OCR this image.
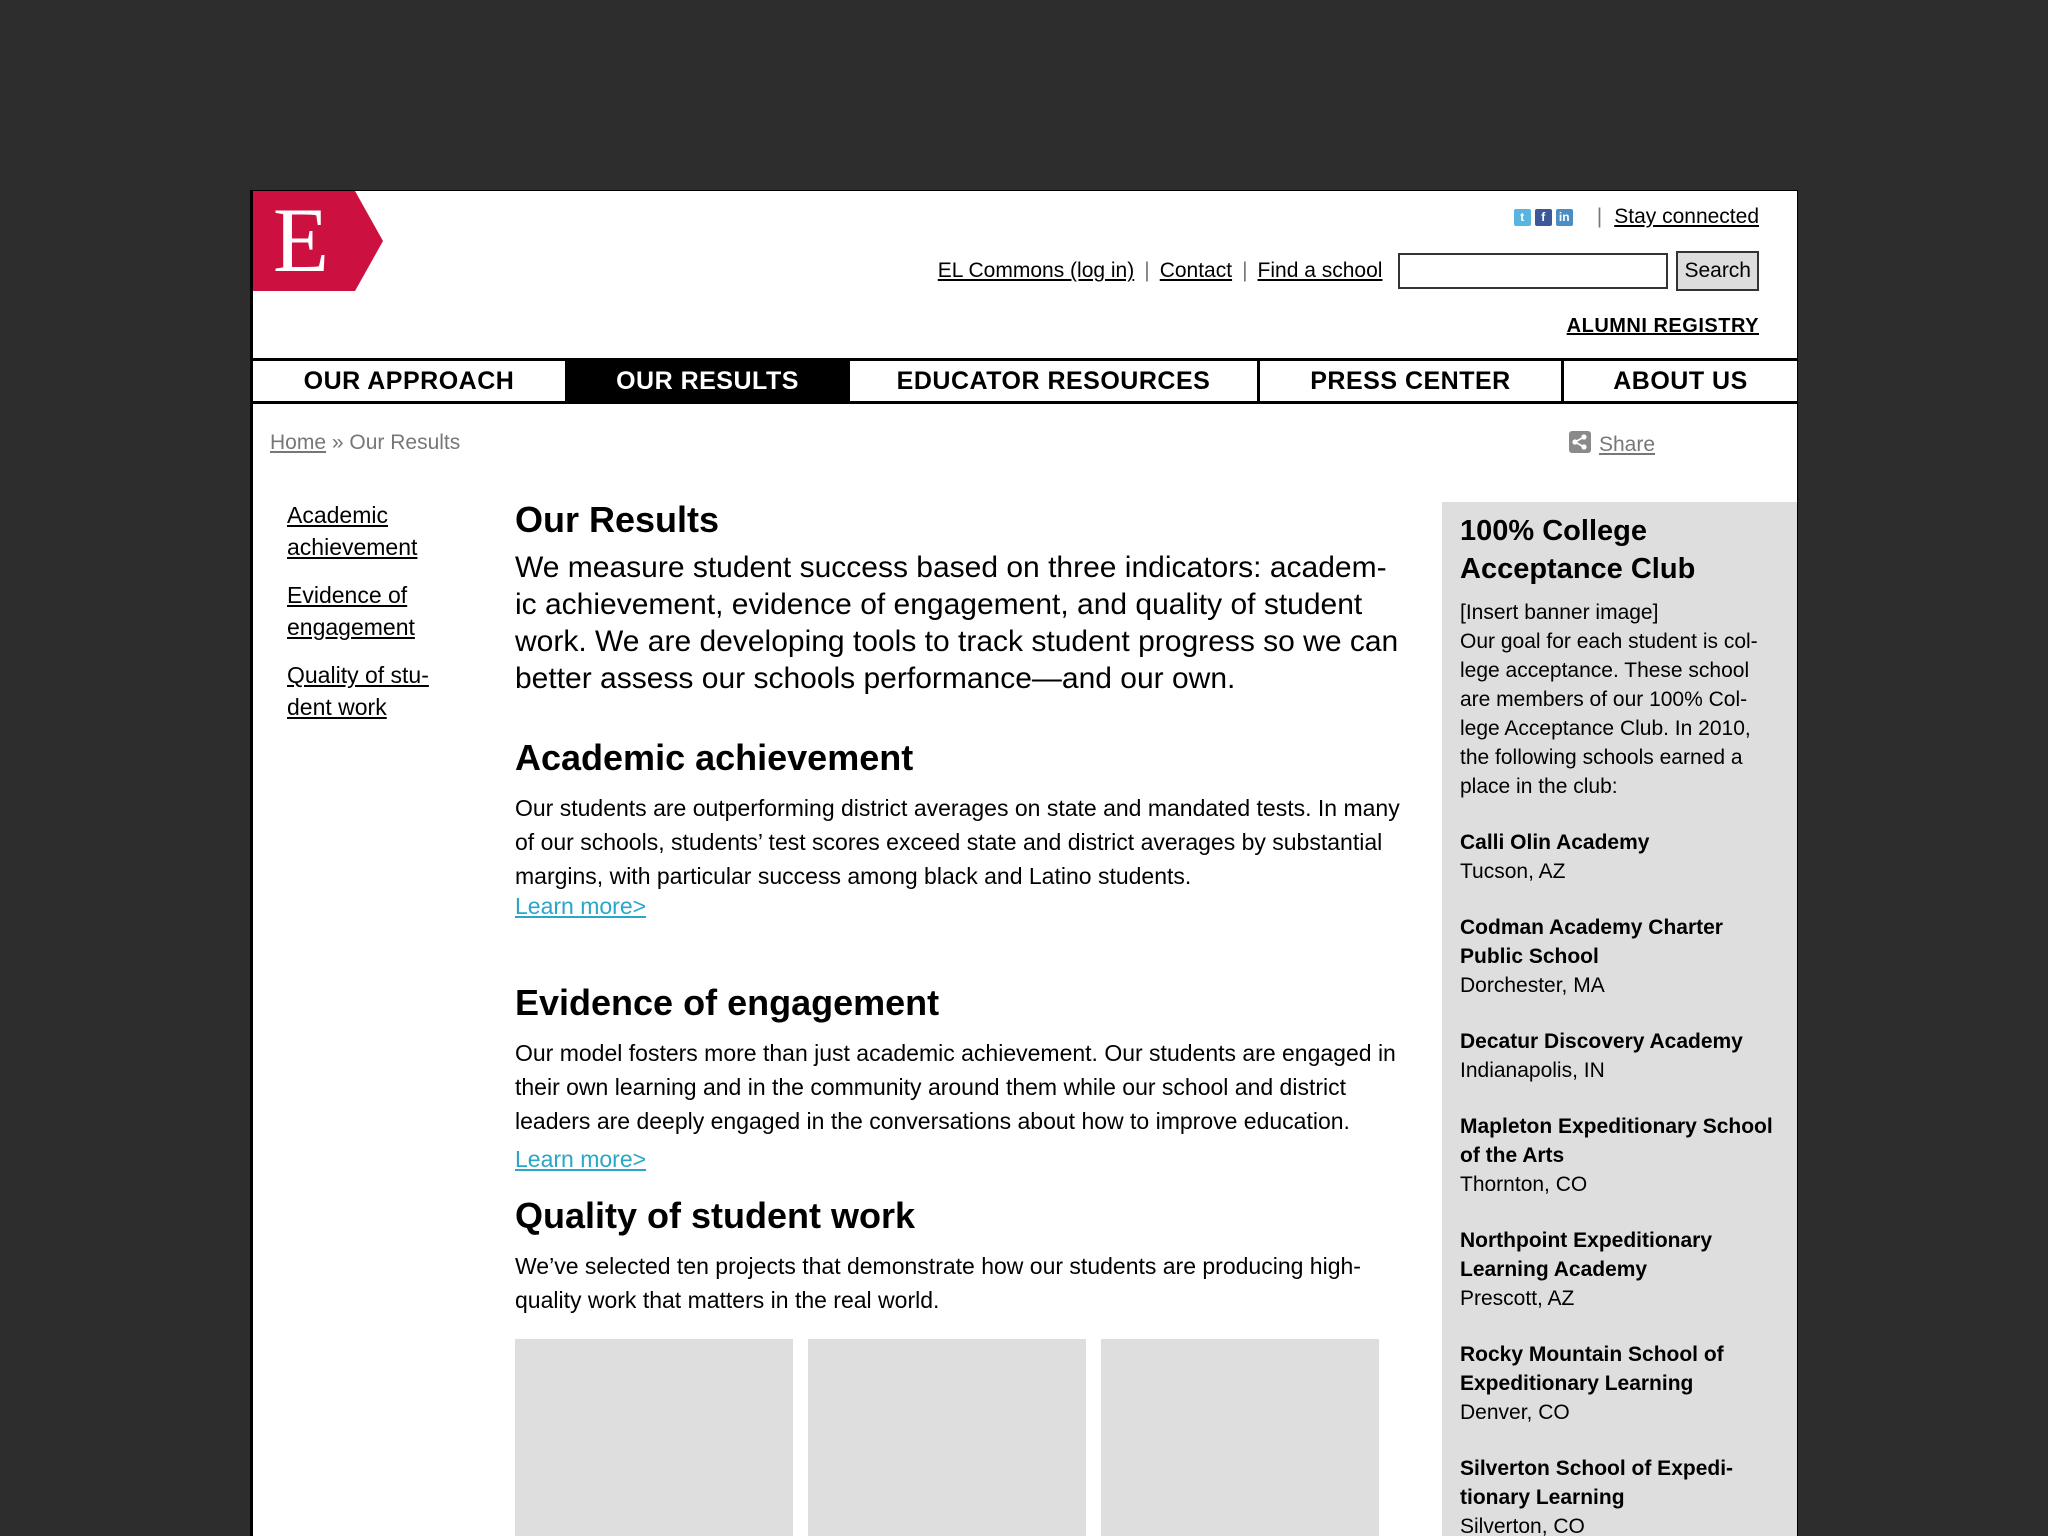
E	t	f	in | Stay connected
EL Commons (log in) | Contact | Find a school	Search
ALUMNI REGISTRY
OUR APPROACH	OUR RESULTS	EDUCATOR RESOURCES	PRESS CENTER	ABOUT US
Home » Our Results	Share
Academic
achievement
Evidence of
engagement
Quality of stu-
dent work
Our Results

We measure student success based on three indicators: academ-ic achievement, evidence of engagement, and quality of student work. We are developing tools to track student progress so we can better assess our schools performance—and our own.

Academic achievement

Our students are outperforming district averages on state and mandated tests. In many of our schools, students’ test scores exceed state and district averages by substantial margins, with particular success among black and Latino students.

Learn more>
Evidence of engagement

Our model fosters more than just academic achievement. Our students are engaged in their own learning and in the community around them while our school and district leaders are deeply engaged in the conversations about how to improve education.

Learn more>
Quality of student work

We’ve selected ten projects that demonstrate how our students are producing high-quality work that matters in the real world.

100% College
Acceptance Club
[Insert banner image]
Our goal for each student is col-lege acceptance. These school are members of our 100% Col-lege Acceptance Club. In 2010, the following schools earned a place in the club:
Calli Olin Academy
Tucson, AZ
Codman Academy Charter Public School
Dorchester, MA
Decatur Discovery Academy
Indianapolis, IN
Mapleton Expeditionary School of the Arts
Thornton, CO
Northpoint Expeditionary Learning Academy
Prescott, AZ
Rocky Mountain School of Expeditionary Learning
Denver, CO
Silverton School of Expedi-tionary Learning
Silverton, CO
